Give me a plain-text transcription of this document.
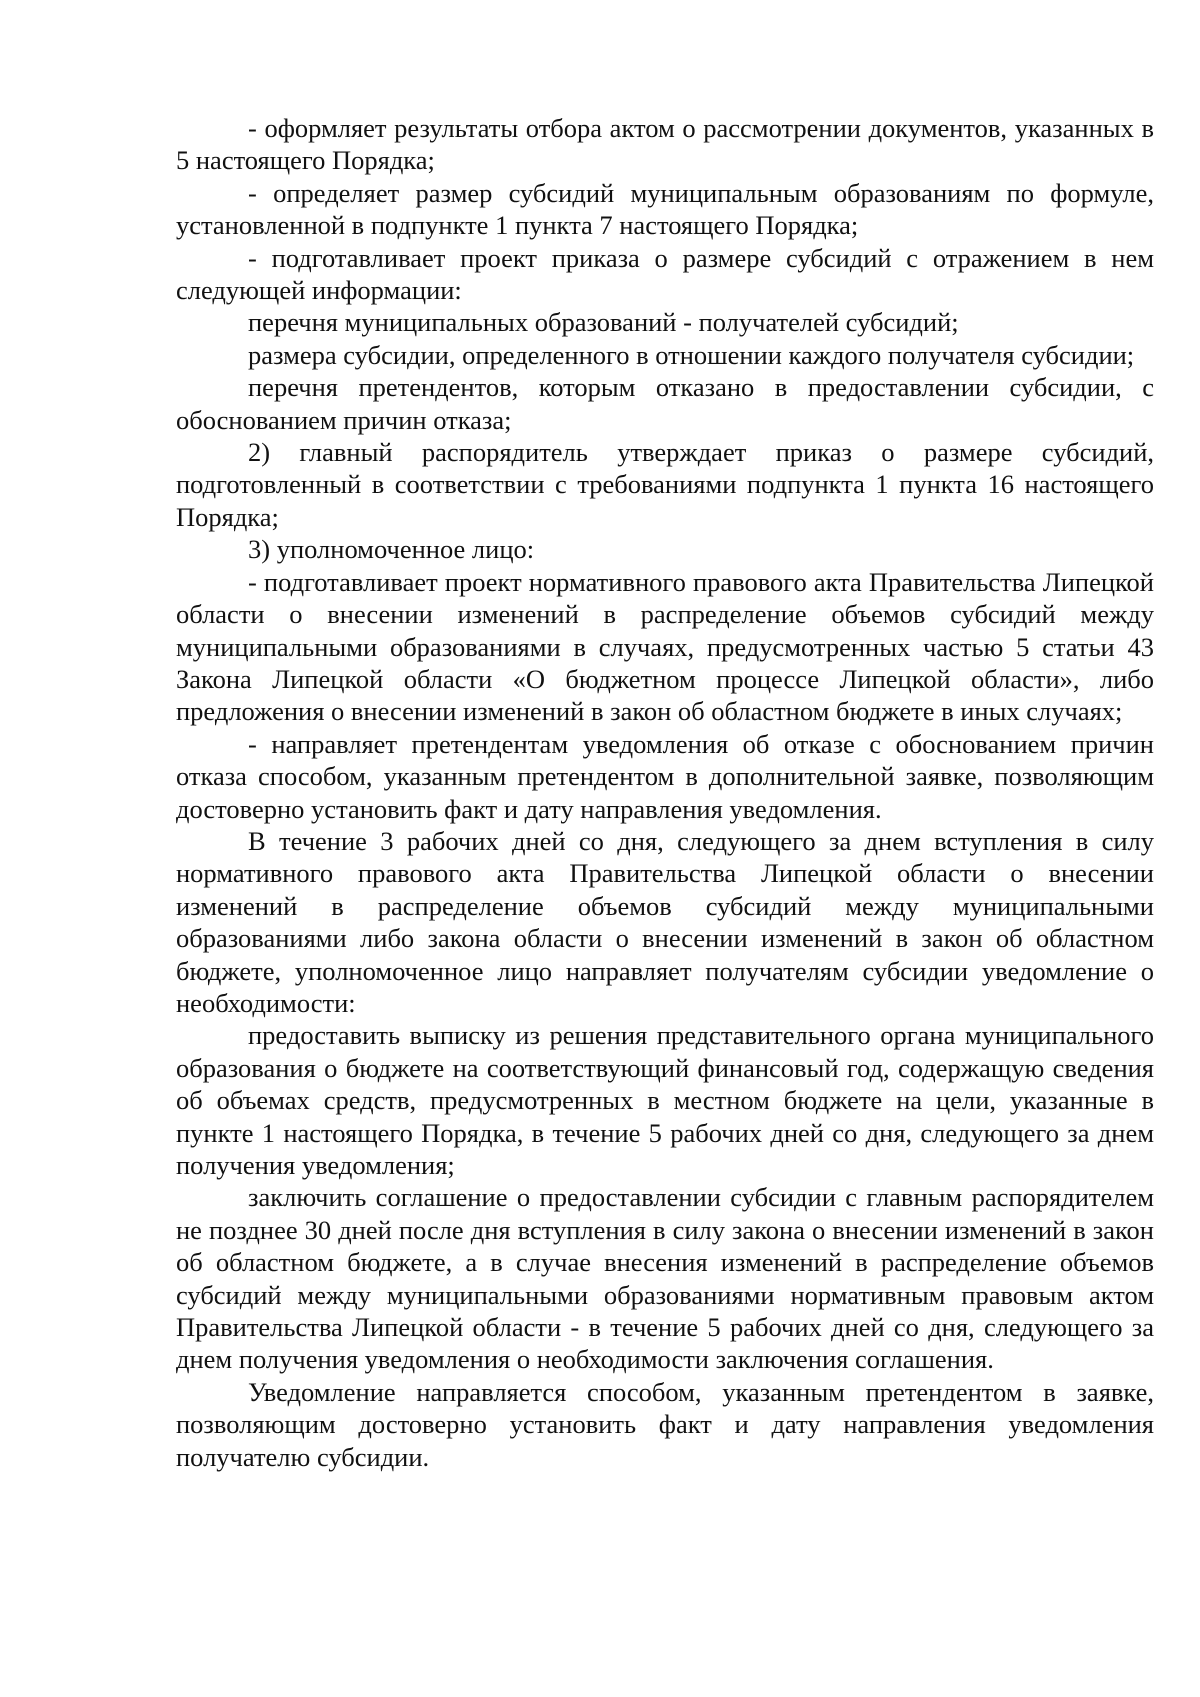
- оформляет результаты отбора актом о рассмотрении документов, указанных в 5 настоящего Порядка;

- определяет размер субсидий муниципальным образованиям по формуле, установленной в подпункте 1 пункта 7 настоящего Порядка;

- подготавливает проект приказа о размере субсидий с отражением в нем следующей информации:

перечня муниципальных образований - получателей субсидий;

размера субсидии, определенного в отношении каждого получателя субсидии;

перечня претендентов, которым отказано в предоставлении субсидии, с обоснованием причин отказа;

2) главный распорядитель утверждает приказ о размере субсидий, подготовленный в соответствии с требованиями подпункта 1 пункта 16 настоящего Порядка;

3) уполномоченное лицо:

- подготавливает проект нормативного правового акта Правительства Липецкой области о внесении изменений в распределение объемов субсидий между муниципальными образованиями в случаях, предусмотренных частью 5 статьи 43 Закона Липецкой области «О бюджетном процессе Липецкой области», либо предложения о внесении изменений в закон об областном бюджете в иных случаях;

- направляет претендентам уведомления об отказе с обоснованием причин отказа способом, указанным претендентом в дополнительной заявке, позволяющим достоверно установить факт и дату направления уведомления.

В течение 3 рабочих дней со дня, следующего за днем вступления в силу нормативного правового акта Правительства Липецкой области о внесении изменений в распределение объемов субсидий между муниципальными образованиями либо закона области о внесении изменений в закон об областном бюджете, уполномоченное лицо направляет получателям субсидии уведомление о необходимости:

предоставить выписку из решения представительного органа муниципального образования о бюджете на соответствующий финансовый год, содержащую сведения об объемах средств, предусмотренных в местном бюджете на цели, указанные в пункте 1 настоящего Порядка, в течение 5 рабочих дней со дня, следующего за днем получения уведомления;

заключить соглашение о предоставлении субсидии с главным распорядителем не позднее 30 дней после дня вступления в силу закона о внесении изменений в закон об областном бюджете, а в случае внесения изменений в распределение объемов субсидий между муниципальными образованиями нормативным правовым актом Правительства Липецкой области - в течение 5 рабочих дней со дня, следующего за днем получения уведомления о необходимости заключения соглашения.

Уведомление направляется способом, указанным претендентом в заявке, позволяющим достоверно установить факт и дату направления уведомления получателю субсидии.
